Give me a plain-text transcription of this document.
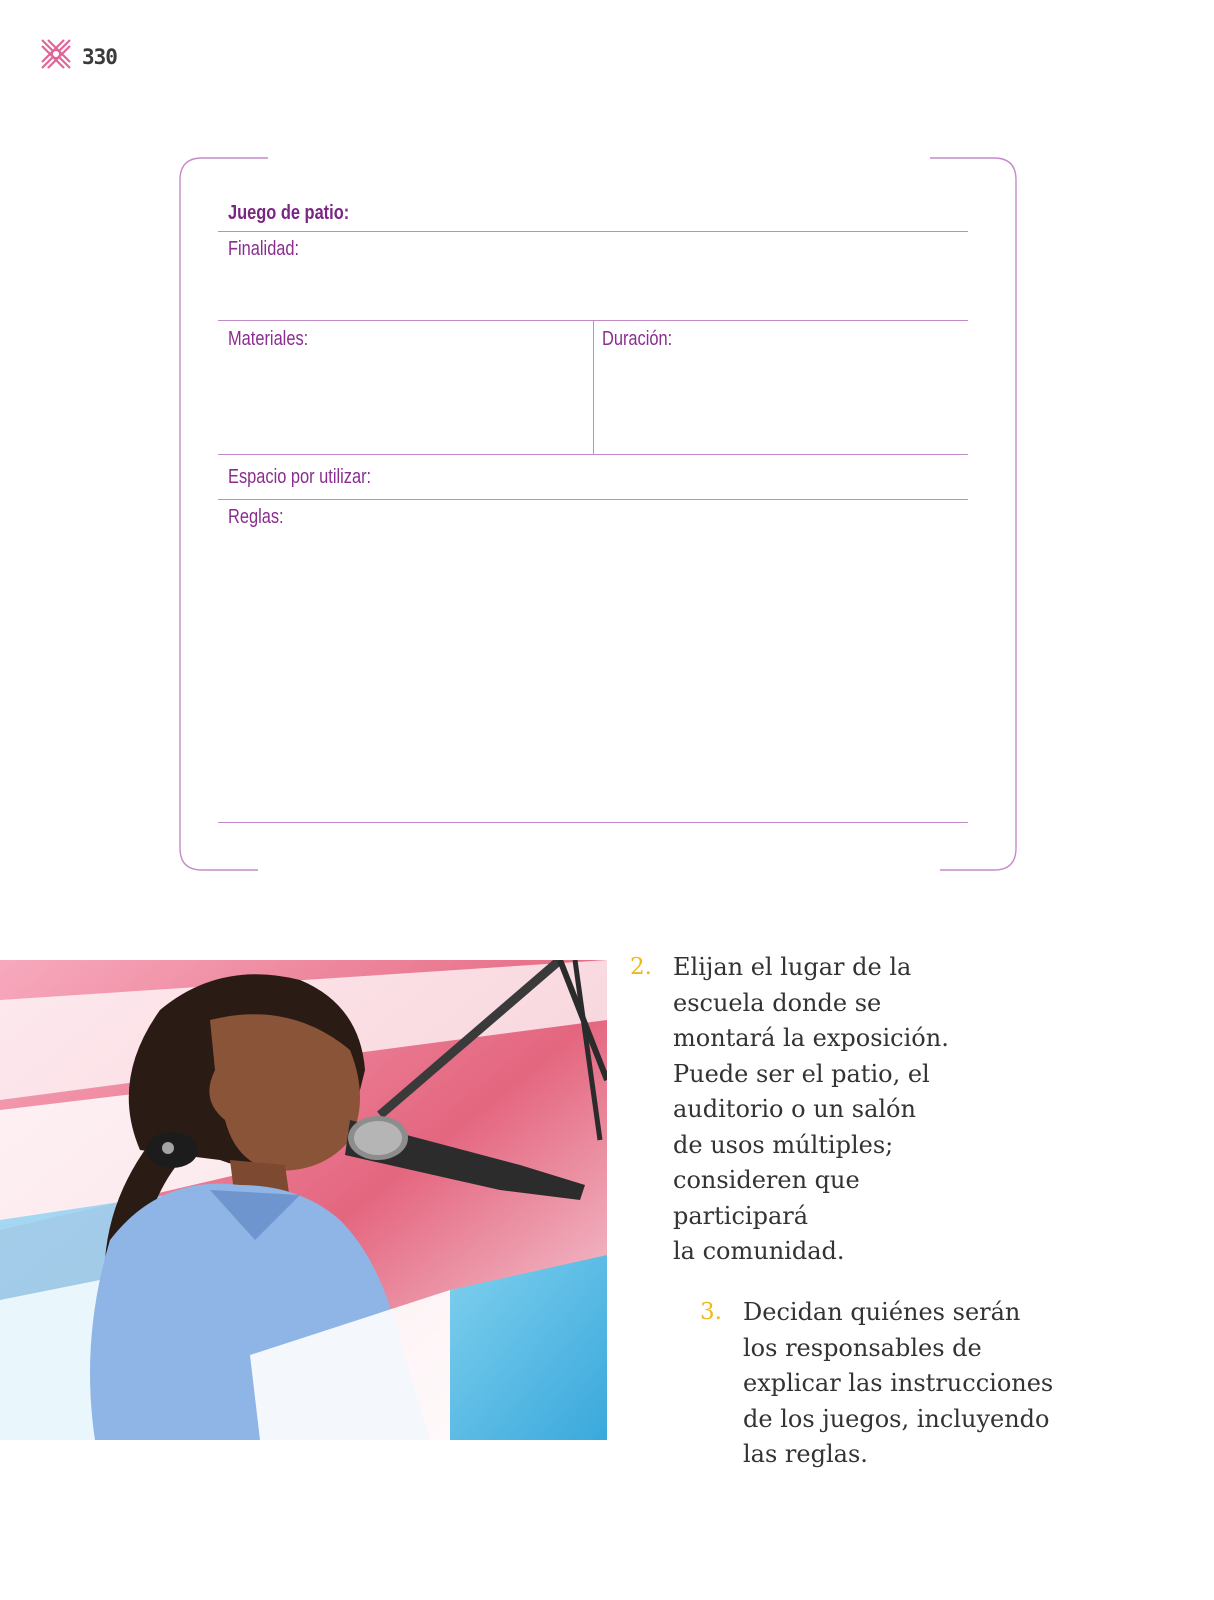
330
Juego de patio:
Finalidad:
Materiales:	Duración:
Espacio por utilizar:
Reglas:
2. Elijan el lugar de la
escuela donde se
montará la exposición.
Puede ser el patio, el
auditorio o un salón
de usos múltiples;
consideren que
participará
la comunidad.
3. Decidan quiénes serán
los responsables de
explicar las instrucciones
de los juegos, incluyendo
las reglas.
